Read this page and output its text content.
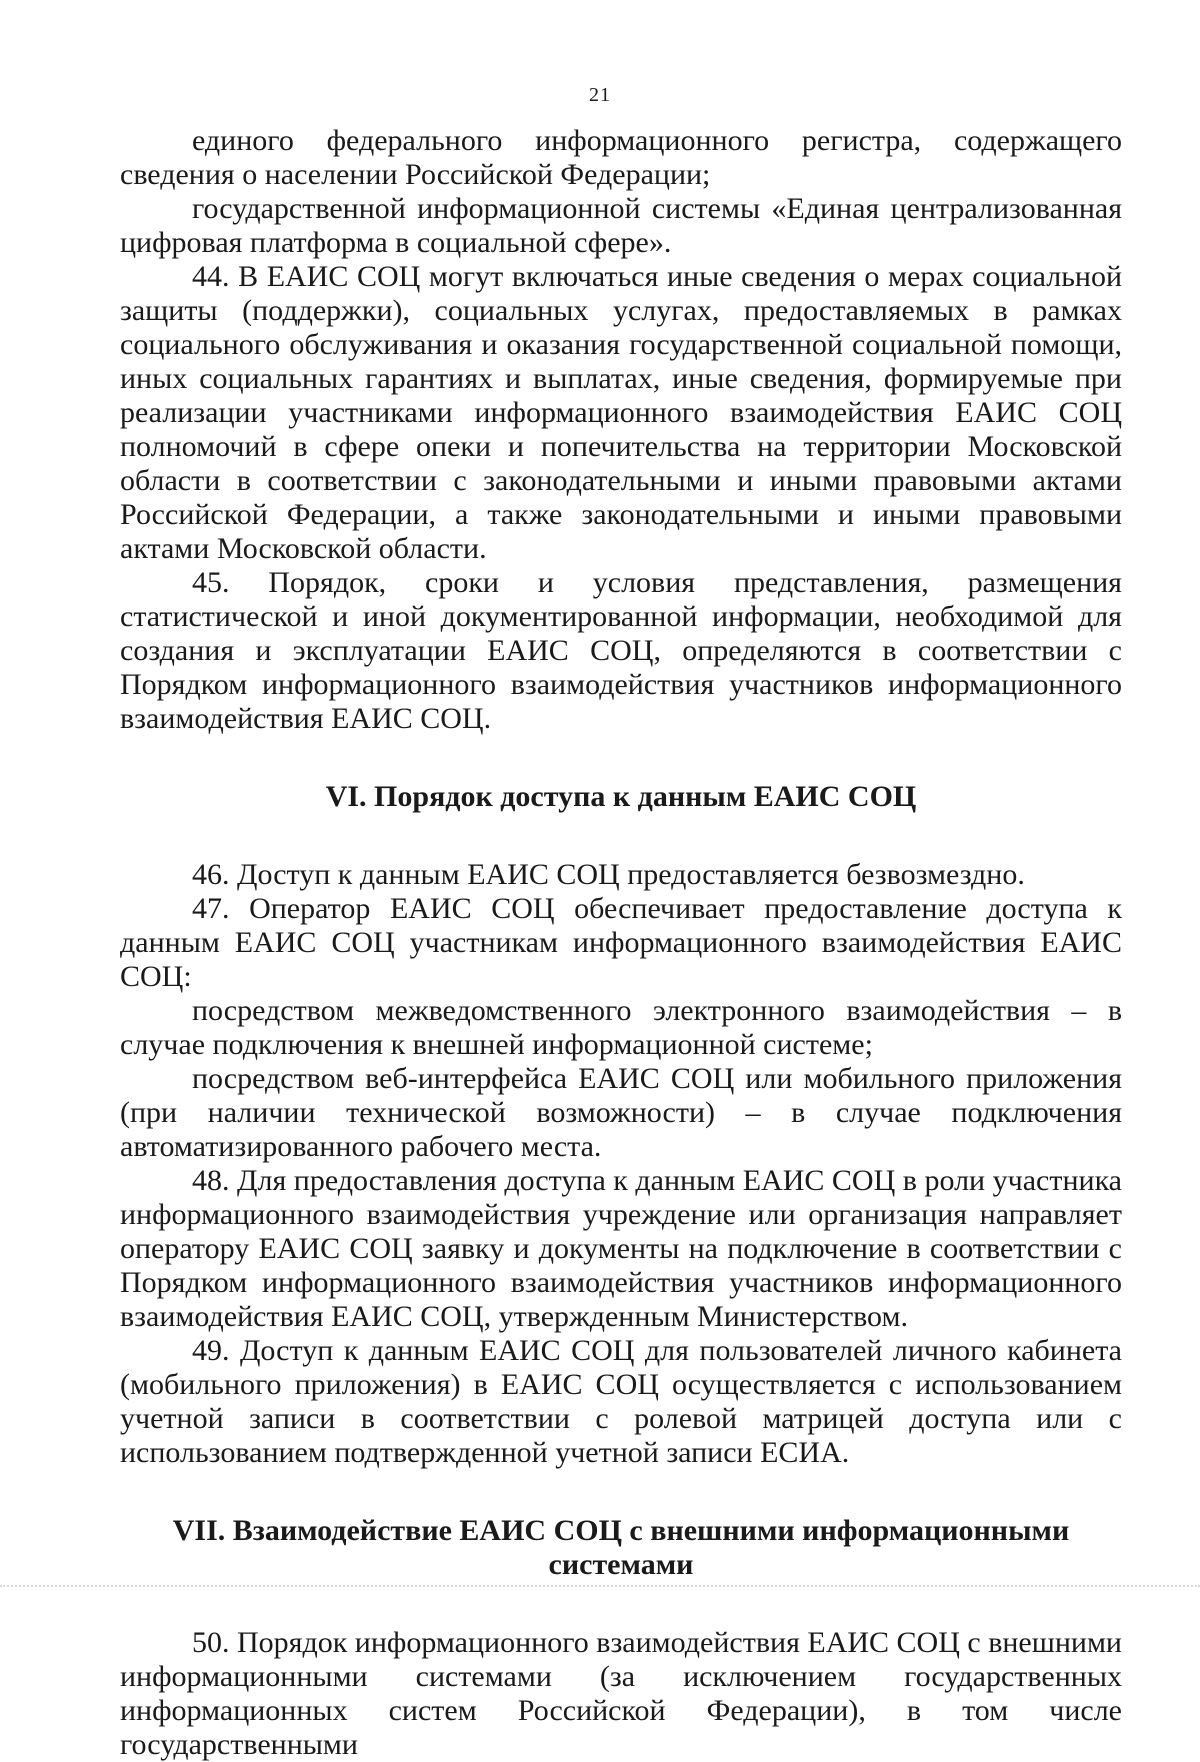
21

единого федерального информационного регистра, содержащего сведения о населении Российской Федерации;

государственной информационной системы «Единая централизованная цифровая платформа в социальной сфере».

44. В ЕАИС СОЦ могут включаться иные сведения о мерах социальной защиты (поддержки), социальных услугах, предоставляемых в рамках социального обслуживания и оказания государственной социальной помощи, иных социальных гарантиях и выплатах, иные сведения, формируемые при реализации участниками информационного взаимодействия ЕАИС СОЦ полномочий в сфере опеки и попечительства на территории Московской области в соответствии с законодательными и иными правовыми актами Российской Федерации, а также законодательными и иными правовыми актами Московской области.

45. Порядок, сроки и условия представления, размещения статистической и иной документированной информации, необходимой для создания и эксплуатации ЕАИС СОЦ, определяются в соответствии с Порядком информационного взаимодействия участников информационного взаимодействия ЕАИС СОЦ.

VI. Порядок доступа к данным ЕАИС СОЦ

46. Доступ к данным ЕАИС СОЦ предоставляется безвозмездно.

47. Оператор ЕАИС СОЦ обеспечивает предоставление доступа к данным ЕАИС СОЦ участникам информационного взаимодействия ЕАИС СОЦ:

посредством межведомственного электронного взаимодействия – в случае подключения к внешней информационной системе;

посредством веб-интерфейса ЕАИС СОЦ или мобильного приложения (при наличии технической возможности) – в случае подключения автоматизированного рабочего места.

48. Для предоставления доступа к данным ЕАИС СОЦ в роли участника информационного взаимодействия учреждение или организация направляет оператору ЕАИС СОЦ заявку и документы на подключение в соответствии с Порядком информационного взаимодействия участников информационного взаимодействия ЕАИС СОЦ, утвержденным Министерством.

49. Доступ к данным ЕАИС СОЦ для пользователей личного кабинета (мобильного приложения) в ЕАИС СОЦ осуществляется с использованием учетной записи в соответствии с ролевой матрицей доступа или с использованием подтвержденной учетной записи ЕСИА.

VII. Взаимодействие ЕАИС СОЦ с внешними информационными системами

50. Порядок информационного взаимодействия ЕАИС СОЦ с внешними информационными системами (за исключением государственных информационных систем Российской Федерации), в том числе государственными
